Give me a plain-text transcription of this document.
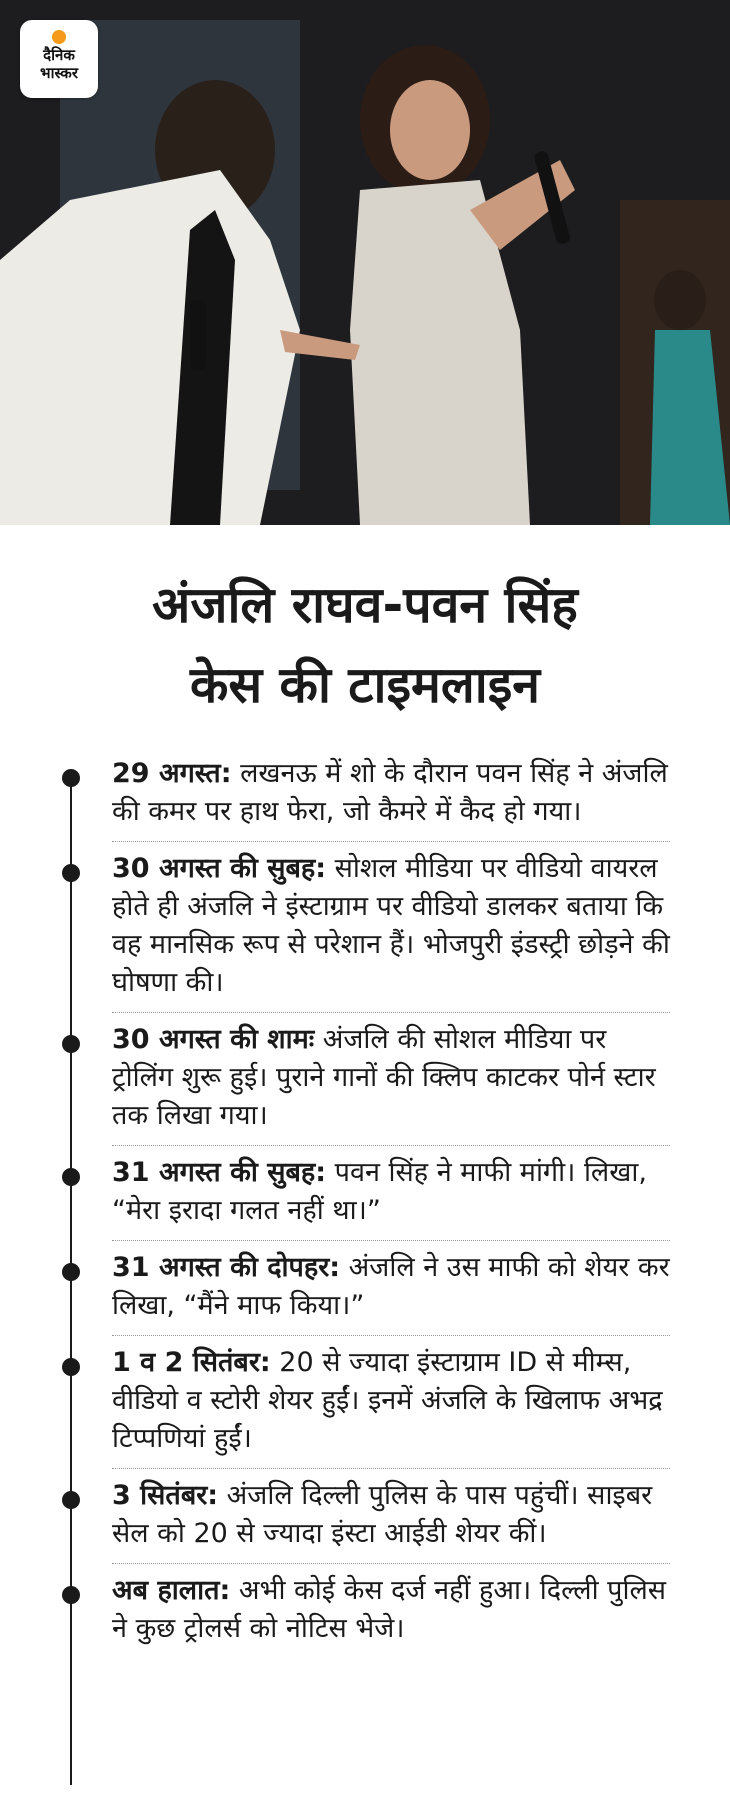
दैनिक
भास्कर
अंजलि राघव-पवन सिंह
केस की टाइमलाइन
29 अगस्त: लखनऊ में शो के दौरान पवन सिंह ने अंजलि की कमर पर हाथ फेरा, जो कैमरे में कैद हो गया।
30 अगस्त की सुबह: सोशल मीडिया पर वीडियो वायरल होते ही अंजलि ने इंस्टाग्राम पर वीडियो डालकर बताया कि वह मानसिक रूप से परेशान हैं। भोजपुरी इंडस्ट्री छोड़ने की घोषणा की।
30 अगस्त की शामः अंजलि की सोशल मीडिया पर ट्रोलिंग शुरू हुई। पुराने गानों की क्लिप काटकर पोर्न स्टार तक लिखा गया।
31 अगस्त की सुबह: पवन सिंह ने माफी मांगी। लिखा, “मेरा इरादा गलत नहीं था।”
31 अगस्त की दोपहर: अंजलि ने उस माफी को शेयर कर लिखा, “मैंने माफ किया।”
1 व 2 सितंबर: 20 से ज्यादा इंस्टाग्राम ID से मीम्स, वीडियो व स्टोरी शेयर हुईं। इनमें अंजलि के खिलाफ अभद्र टिप्पणियां हुईं।
3 सितंबर: अंजलि दिल्ली पुलिस के पास पहुंचीं। साइबर सेल को 20 से ज्यादा इंस्टा आईडी शेयर कीं।
अब हालात: अभी कोई केस दर्ज नहीं हुआ। दिल्ली पुलिस ने कुछ ट्रोलर्स को नोटिस भेजे।
